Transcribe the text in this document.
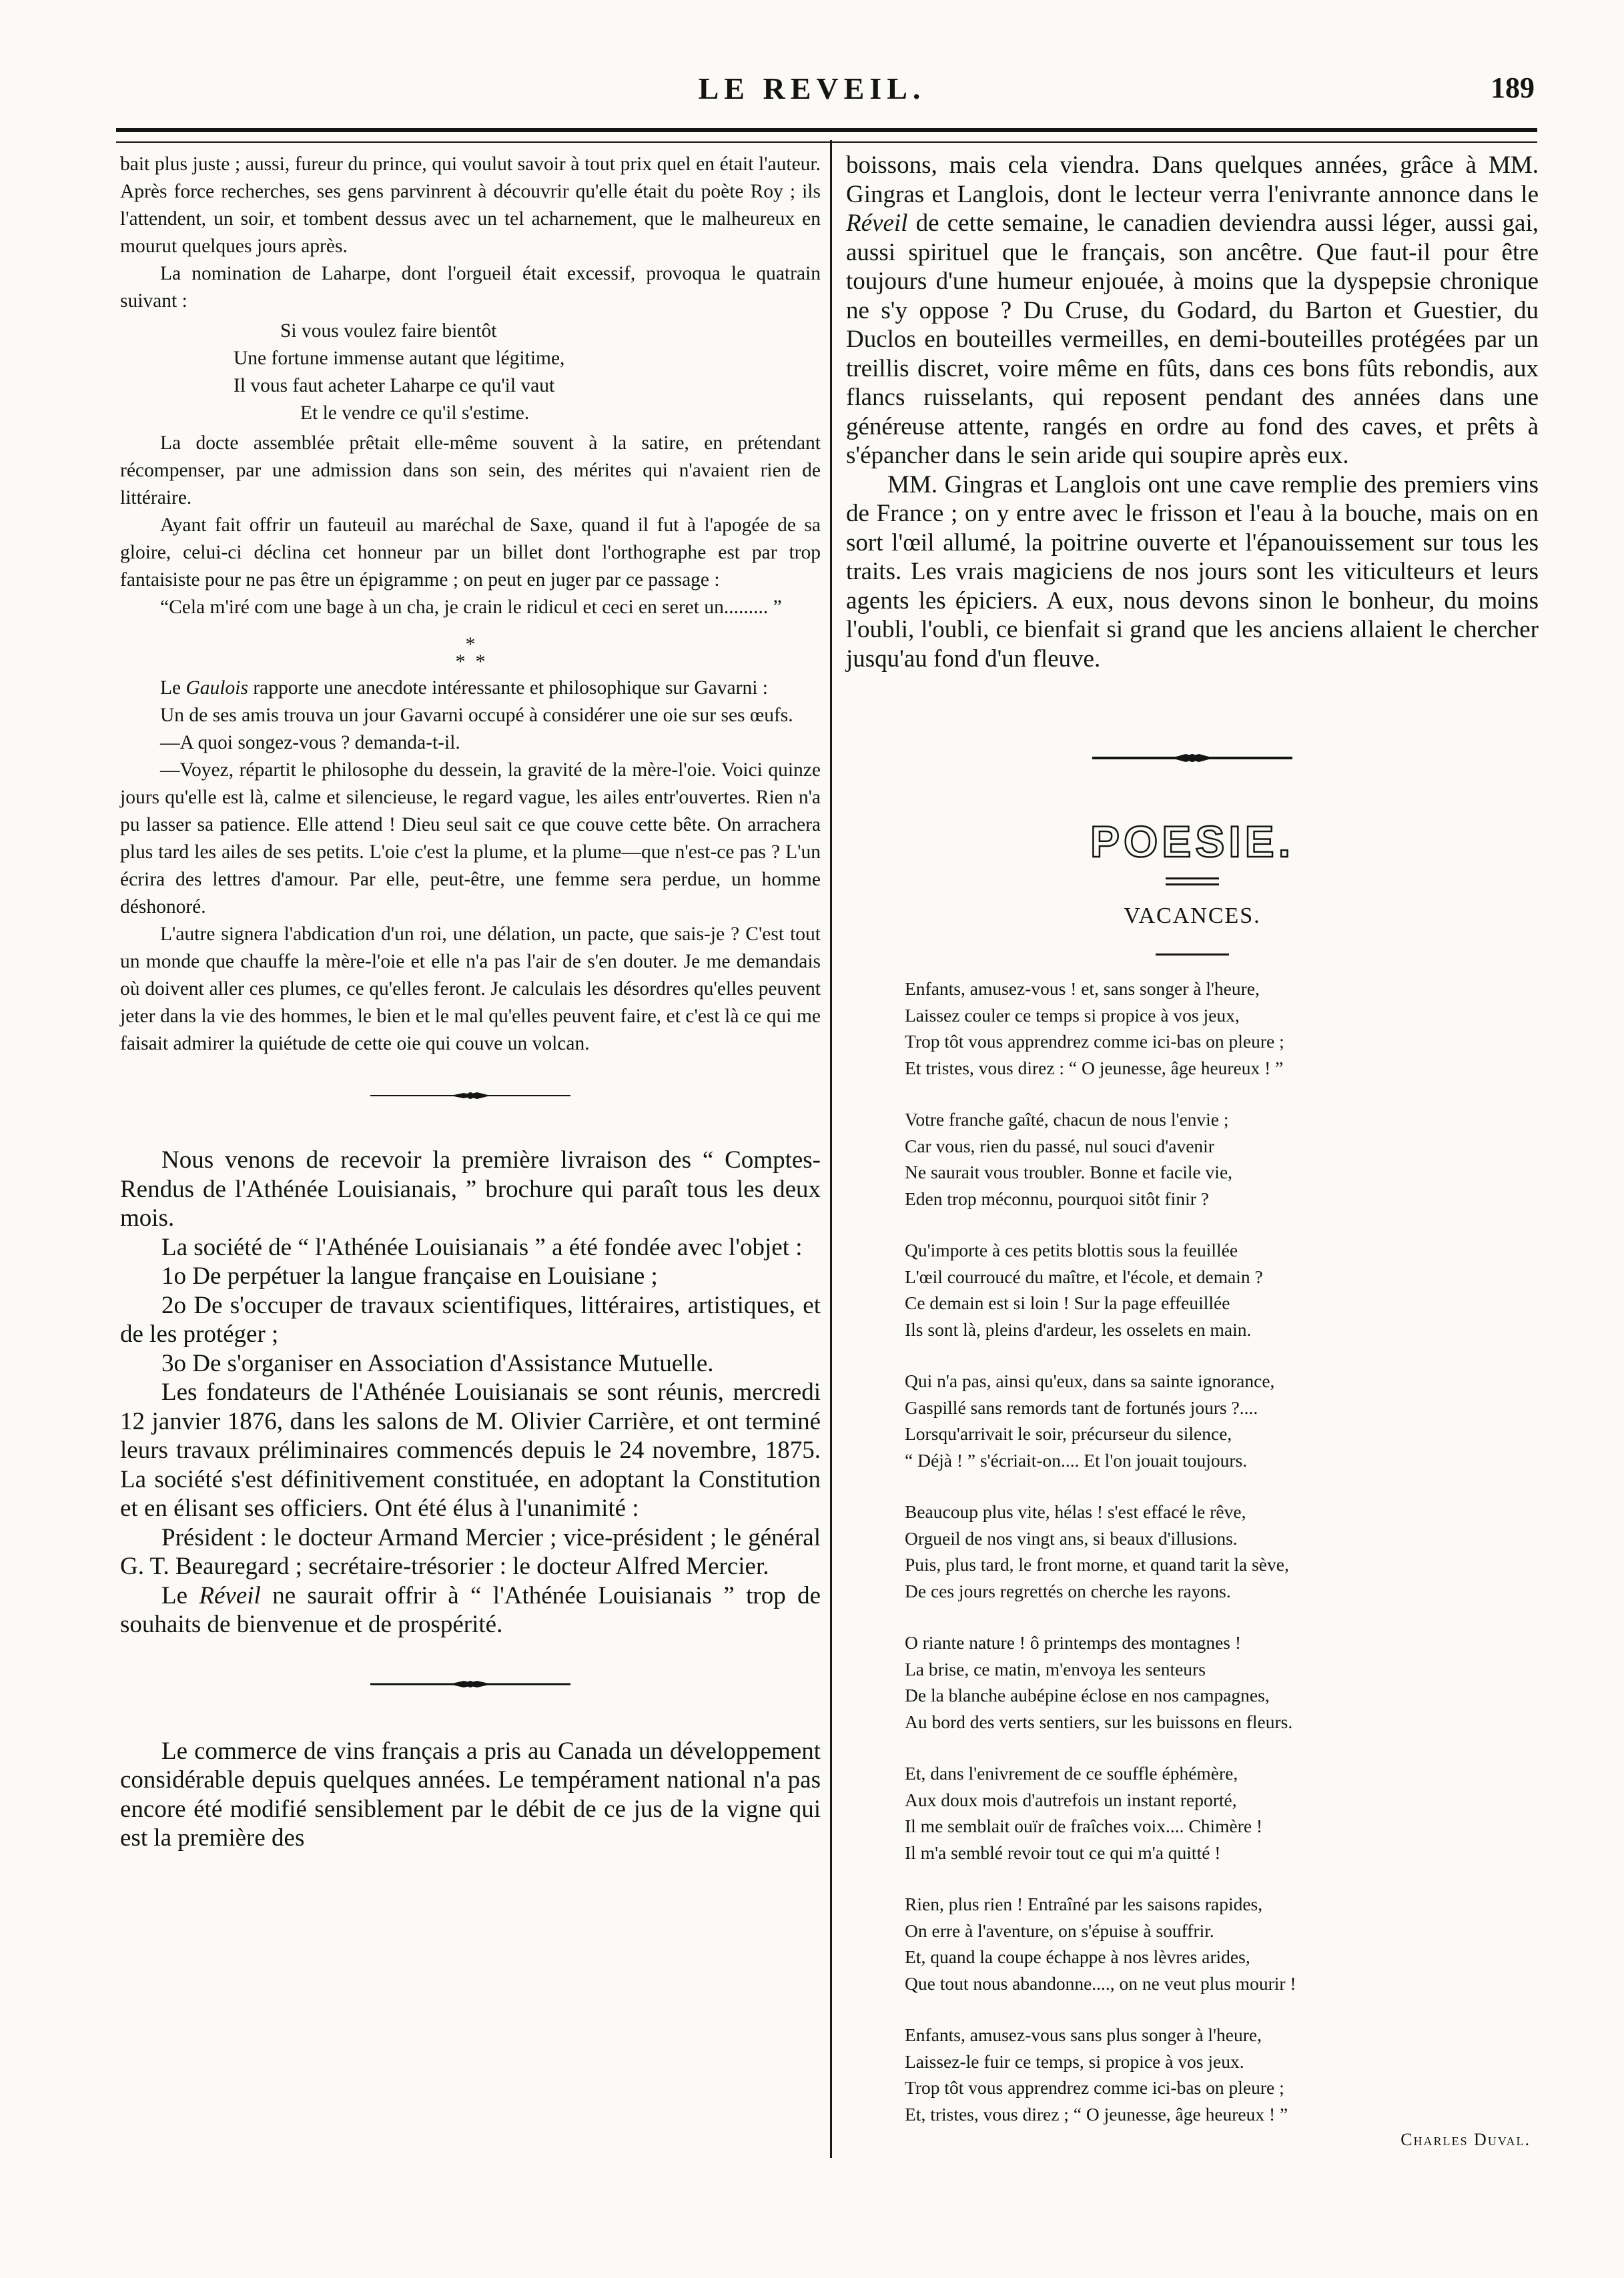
LE REVEIL.	189

bait plus juste ; aussi, fureur du prince, qui voulut savoir à tout prix quel en était l'auteur. Après force recherches, ses gens parvinrent à découvrir qu'elle était du poète Roy ; ils l'attendent, un soir, et tombent dessus avec un tel acharnement, que le malheureux en mourut quelques jours après.

La nomination de Laharpe, dont l'orgueil était excessif, provoqua le quatrain suivant :

Si vous voulez faire bientôt
Une fortune immense autant que légitime,
Il vous faut acheter Laharpe ce qu'il vaut
Et le vendre ce qu'il s'estime.

La docte assemblée prêtait elle-même souvent à la satire, en prétendant récompenser, par une admission dans son sein, des mérites qui n'avaient rien de littéraire.

Ayant fait offrir un fauteuil au maréchal de Saxe, quand il fut à l'apogée de sa gloire, celui-ci déclina cet honneur par un billet dont l'orthographe est par trop fantaisiste pour ne pas être un épigramme ; on peut en juger par ce passage :

“Cela m'iré com une bage à un cha, je crain le ridicul et ceci en seret un......... ”

*
*  *

Le Gaulois rapporte une anecdote intéressante et philosophique sur Gavarni :

Un de ses amis trouva un jour Gavarni occupé à considérer une oie sur ses œufs.

—A quoi songez-vous ? demanda-t-il.

—Voyez, répartit le philosophe du dessein, la gravité de la mère-l'oie. Voici quinze jours qu'elle est là, calme et silencieuse, le regard vague, les ailes entr'ouvertes. Rien n'a pu lasser sa patience. Elle attend ! Dieu seul sait ce que couve cette bête. On arrachera plus tard les ailes de ses petits. L'oie c'est la plume, et la plume—que n'est-ce pas ? L'un écrira des lettres d'amour. Par elle, peut-être, une femme sera perdue, un homme déshonoré.

L'autre signera l'abdication d'un roi, une délation, un pacte, que sais-je ? C'est tout un monde que chauffe la mère-l'oie et elle n'a pas l'air de s'en douter. Je me demandais où doivent aller ces plumes, ce qu'elles feront. Je calculais les désordres qu'elles peuvent jeter dans la vie des hommes, le bien et le mal qu'elles peuvent faire, et c'est là ce qui me faisait admirer la quiétude de cette oie qui couve un volcan.

Nous venons de recevoir la première livraison des “ Comptes-Rendus de l'Athénée Louisianais, ” brochure qui paraît tous les deux mois.

La société de “ l'Athénée Louisianais ” a été fondée avec l'objet :

1o De perpétuer la langue française en Louisiane ;

2o De s'occuper de travaux scientifiques, littéraires, artistiques, et de les protéger ;

3o De s'organiser en Association d'Assistance Mutuelle.

Les fondateurs de l'Athénée Louisianais se sont réunis, mercredi 12 janvier 1876, dans les salons de M. Olivier Carrière, et ont terminé leurs travaux préliminaires commencés depuis le 24 novembre, 1875. La société s'est définitivement constituée, en adoptant la Constitution et en élisant ses officiers. Ont été élus à l'unanimité :

Président : le docteur Armand Mercier ; vice-président ; le général G. T. Beauregard ; secrétaire-trésorier : le docteur Alfred Mercier.

Le Réveil ne saurait offrir à “ l'Athénée Louisianais ” trop de souhaits de bienvenue et de prospérité.

Le commerce de vins français a pris au Canada un développement considérable depuis quelques années. Le tempérament national n'a pas encore été modifié sensiblement par le débit de ce jus de la vigne qui est la première des

boissons, mais cela viendra. Dans quelques années, grâce à MM. Gingras et Langlois, dont le lecteur verra l'enivrante annonce dans le Réveil de cette semaine, le canadien deviendra aussi léger, aussi gai, aussi spirituel que le français, son ancêtre. Que faut-il pour être toujours d'une humeur enjouée, à moins que la dyspepsie chronique ne s'y oppose ? Du Cruse, du Godard, du Barton et Guestier, du Duclos en bouteilles vermeilles, en demi-bouteilles protégées par un treillis discret, voire même en fûts, dans ces bons fûts rebondis, aux flancs ruisselants, qui reposent pendant des années dans une généreuse attente, rangés en ordre au fond des caves, et prêts à s'épancher dans le sein aride qui soupire après eux.

MM. Gingras et Langlois ont une cave remplie des premiers vins de France ; on y entre avec le frisson et l'eau à la bouche, mais on en sort l'œil allumé, la poitrine ouverte et l'épanouissement sur tous les traits. Les vrais magiciens de nos jours sont les viticulteurs et leurs agents les épiciers. A eux, nous devons sinon le bonheur, du moins l'oubli, l'oubli, ce bienfait si grand que les anciens allaient le chercher jusqu'au fond d'un fleuve.

POESIE.
VACANCES.
Enfants, amusez-vous ! et, sans songer à l'heure,
Laissez couler ce temps si propice à vos jeux,
Trop tôt vous apprendrez comme ici-bas on pleure ;
Et tristes, vous direz : “ O jeunesse, âge heureux ! ”
Votre franche gaîté, chacun de nous l'envie ;
Car vous, rien du passé, nul souci d'avenir
Ne saurait vous troubler. Bonne et facile vie,
Eden trop méconnu, pourquoi sitôt finir ?
Qu'importe à ces petits blottis sous la feuillée
L'œil courroucé du maître, et l'école, et demain ?
Ce demain est si loin ! Sur la page effeuillée
Ils sont là, pleins d'ardeur, les osselets en main.
Qui n'a pas, ainsi qu'eux, dans sa sainte ignorance,
Gaspillé sans remords tant de fortunés jours ?....
Lorsqu'arrivait le soir, précurseur du silence,
“ Déjà ! ” s'écriait-on.... Et l'on jouait toujours.
Beaucoup plus vite, hélas ! s'est effacé le rêve,
Orgueil de nos vingt ans, si beaux d'illusions.
Puis, plus tard, le front morne, et quand tarit la sève,
De ces jours regrettés on cherche les rayons.
O riante nature ! ô printemps des montagnes !
La brise, ce matin, m'envoya les senteurs
De la blanche aubépine éclose en nos campagnes,
Au bord des verts sentiers, sur les buissons en fleurs.
Et, dans l'enivrement de ce souffle éphémère,
Aux doux mois d'autrefois un instant reporté,
Il me semblait ouïr de fraîches voix.... Chimère !
Il m'a semblé revoir tout ce qui m'a quitté !
Rien, plus rien ! Entraîné par les saisons rapides,
On erre à l'aventure, on s'épuise à souffrir.
Et, quand la coupe échappe à nos lèvres arides,
Que tout nous abandonne...., on ne veut plus mourir !
Enfants, amusez-vous sans plus songer à l'heure,
Laissez-le fuir ce temps, si propice à vos jeux.
Trop tôt vous apprendrez comme ici-bas on pleure ;
Et, tristes, vous direz ; “ O jeunesse, âge heureux ! ”
Charles Duval.
